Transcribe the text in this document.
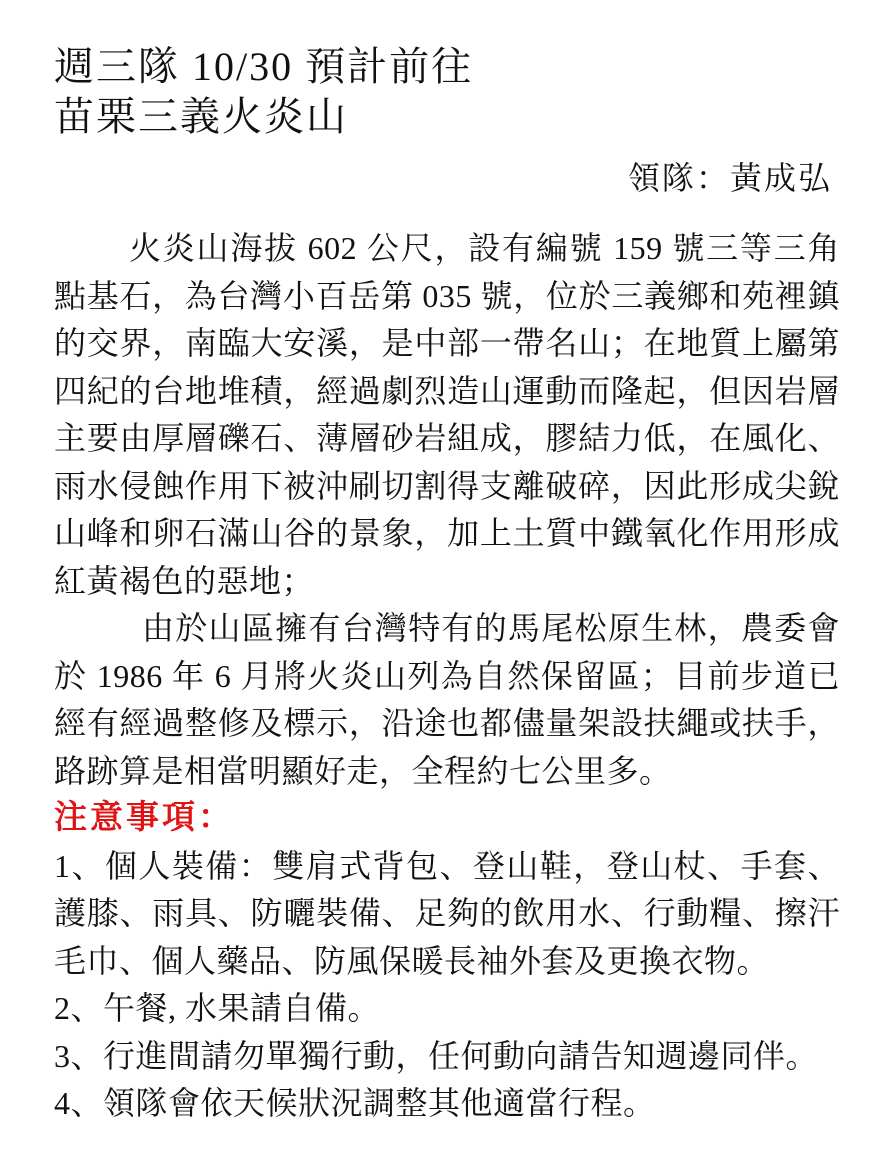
週三隊 10/30 預計前往
苗栗三義火炎山

領隊：黃成弘

火炎山海拔 602 公尺，設有編號 159 號三等三角點基石，為台灣小百岳第 035 號，位於三義鄉和苑裡鎮的交界，南臨大安溪，是中部一帶名山；在地質上屬第四紀的台地堆積，經過劇烈造山運動而隆起，但因岩層主要由厚層礫石、薄層砂岩組成，膠結力低，在風化、雨水侵蝕作用下被沖刷切割得支離破碎，因此形成尖銳山峰和卵石滿山谷的景象，加上土質中鐵氧化作用形成紅黃褐色的惡地；

由於山區擁有台灣特有的馬尾松原生林，農委會於 1986 年 6 月將火炎山列為自然保留區；目前步道已經有經過整修及標示，沿途也都儘量架設扶繩或扶手，路跡算是相當明顯好走，全程約七公里多。

注意事項：

1、個人裝備：雙肩式背包、登山鞋，登山杖、手套、護膝、雨具、防曬裝備、足夠的飲用水、行動糧、擦汗毛巾、個人藥品、防風保暖長袖外套及更換衣物。

2、午餐, 水果請自備。

3、行進間請勿單獨行動，任何動向請告知週邊同伴。

4、領隊會依天候狀況調整其他適當行程。
